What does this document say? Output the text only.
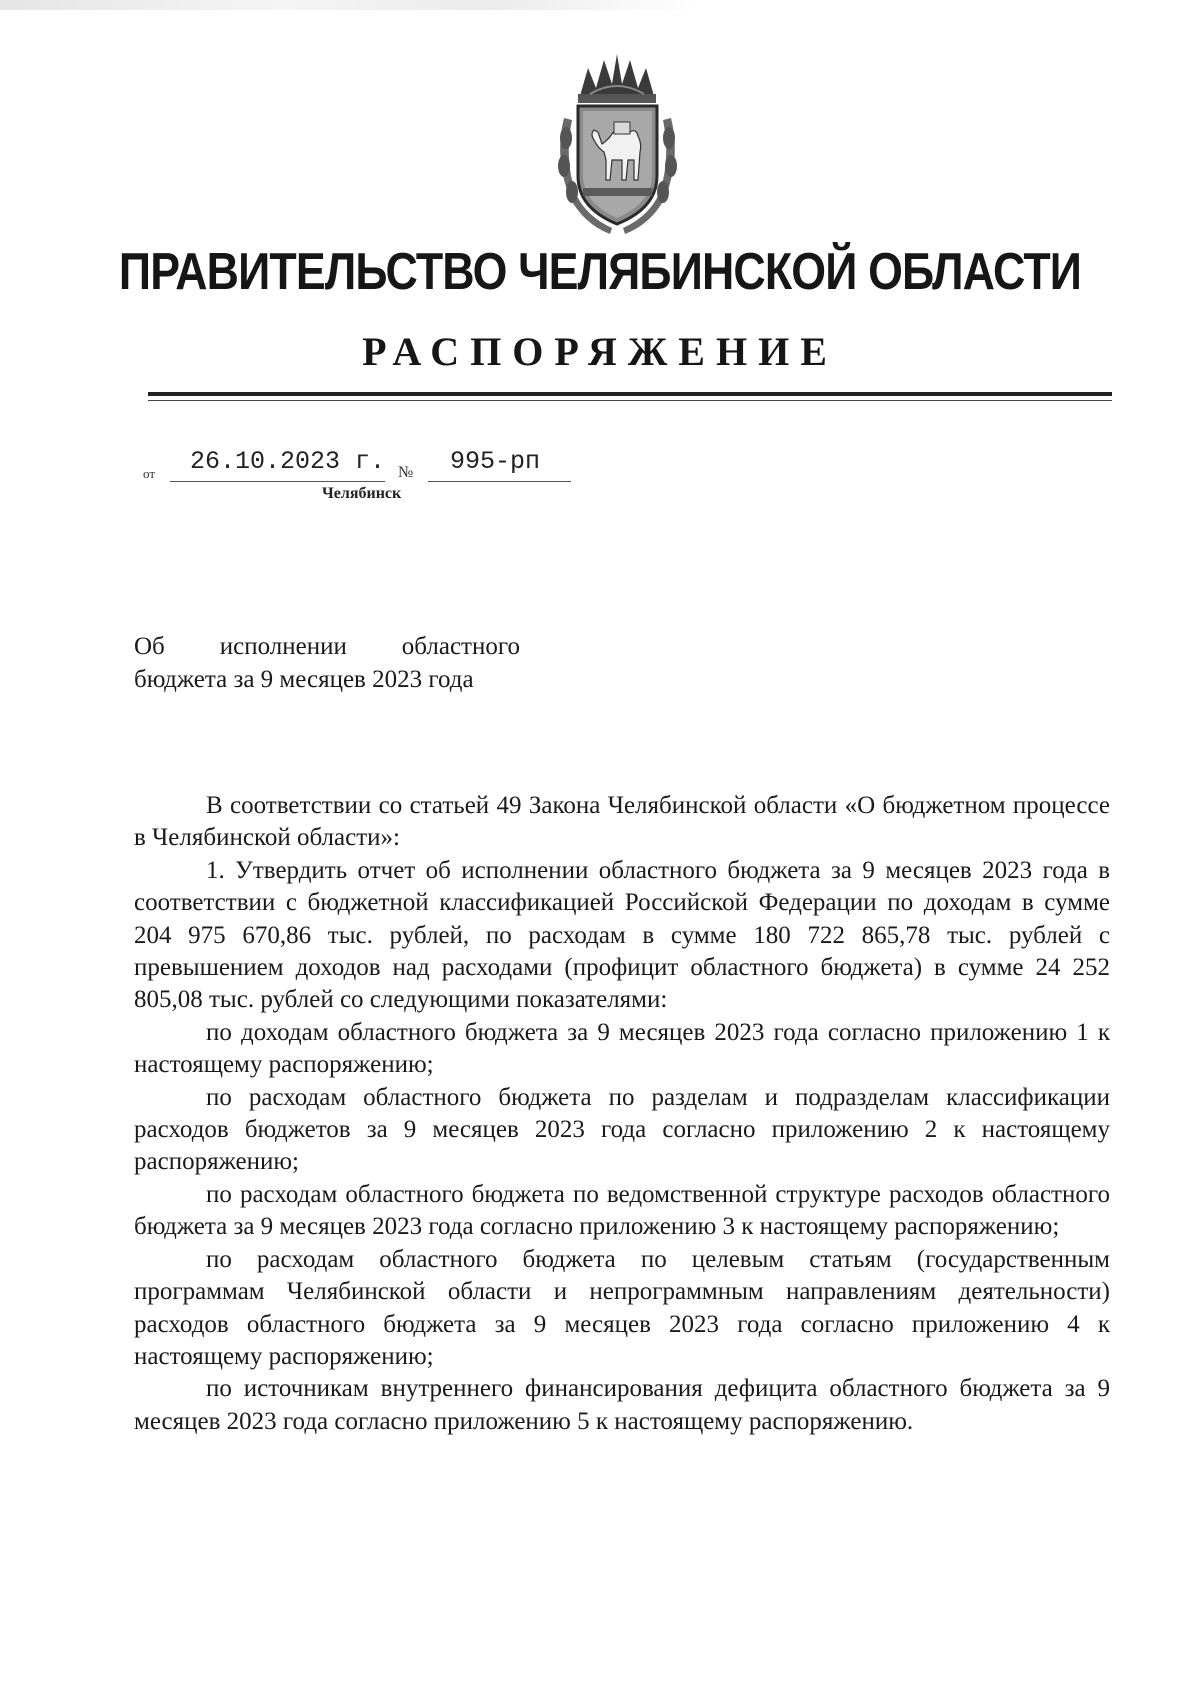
ПРАВИТЕЛЬСТВО ЧЕЛЯБИНСКОЙ ОБЛАСТИ
РАСПОРЯЖЕНИЕ
от 26.10.2023 г. № 995-рп
Челябинск
Об исполнении областного
бюджета за 9 месяцев 2023 года

В соответствии со статьей 49 Закона Челябинской области «О бюджетном процессе в Челябинской области»:

1. Утвердить отчет об исполнении областного бюджета за 9 месяцев 2023 года в соответствии с бюджетной классификацией Российской Федерации по доходам в сумме 204 975 670,86 тыс. рублей, по расходам в сумме 180 722 865,78 тыс. рублей с превышением доходов над расходами (профицит областного бюджета) в сумме 24 252 805,08 тыс. рублей со следующими показателями:

по доходам областного бюджета за 9 месяцев 2023 года согласно приложению 1 к настоящему распоряжению;

по расходам областного бюджета по разделам и подразделам классификации расходов бюджетов за 9 месяцев 2023 года согласно приложению 2 к настоящему распоряжению;

по расходам областного бюджета по ведомственной структуре расходов областного бюджета за 9 месяцев 2023 года согласно приложению 3 к настоящему распоряжению;

по расходам областного бюджета по целевым статьям (государственным программам Челябинской области и непрограммным направлениям деятельности) расходов областного бюджета за 9 месяцев 2023 года согласно приложению 4 к настоящему распоряжению;

по источникам внутреннего финансирования дефицита областного бюджета за 9 месяцев 2023 года согласно приложению 5 к настоящему распоряжению.
